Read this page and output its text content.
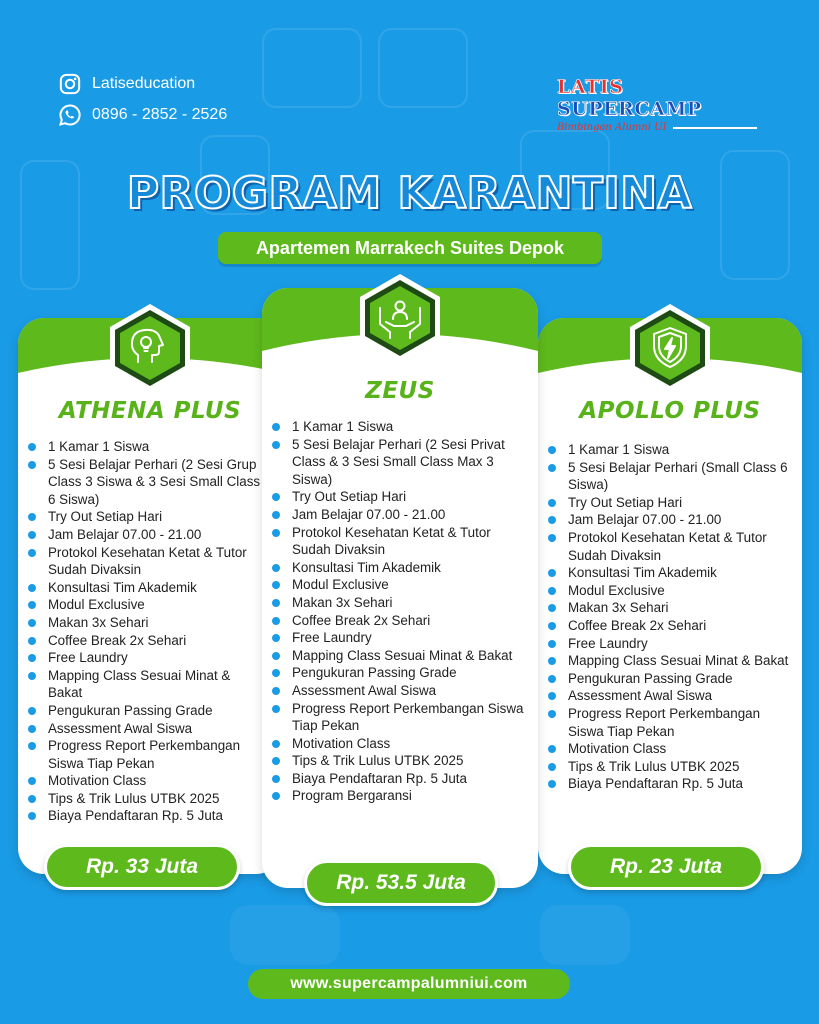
Latiseducation
0896 - 2852 - 2526
LATIS SUPERCAMP
Bimbingan Alumni UI
PROGRAM KARANTINA
Apartemen Marrakech Suites Depok
ATHENA PLUS
1 Kamar 1 Siswa
5 Sesi Belajar Perhari (2 Sesi Grup Class 3 Siswa & 3 Sesi Small Class 6 Siswa)
Try Out Setiap Hari
Jam Belajar 07.00 - 21.00
Protokol Kesehatan Ketat & Tutor Sudah Divaksin
Konsultasi Tim Akademik
Modul Exclusive
Makan 3x Sehari
Coffee Break 2x Sehari
Free Laundry
Mapping Class Sesuai Minat & Bakat
Pengukuran Passing Grade
Assessment Awal Siswa
Progress Report Perkembangan Siswa Tiap Pekan
Motivation Class
Tips & Trik Lulus UTBK 2025
Biaya Pendaftaran Rp. 5 Juta
Rp. 33 Juta
APOLLO PLUS
1 Kamar 1 Siswa
5 Sesi Belajar Perhari (Small Class 6 Siswa)
Try Out Setiap Hari
Jam Belajar 07.00 - 21.00
Protokol Kesehatan Ketat & Tutor Sudah Divaksin
Konsultasi Tim Akademik
Modul Exclusive
Makan 3x Sehari
Coffee Break 2x Sehari
Free Laundry
Mapping Class Sesuai Minat & Bakat
Pengukuran Passing Grade
Assessment Awal Siswa
Progress Report Perkembangan Siswa Tiap Pekan
Motivation Class
Tips & Trik Lulus UTBK 2025
Biaya Pendaftaran Rp. 5 Juta
Rp. 23 Juta
ZEUS
1 Kamar 1 Siswa
5 Sesi Belajar Perhari (2 Sesi Privat Class & 3 Sesi Small Class Max 3 Siswa)
Try Out Setiap Hari
Jam Belajar 07.00 - 21.00
Protokol Kesehatan Ketat & Tutor Sudah Divaksin
Konsultasi Tim Akademik
Modul Exclusive
Makan 3x Sehari
Coffee Break 2x Sehari
Free Laundry
Mapping Class Sesuai Minat & Bakat
Pengukuran Passing Grade
Assessment Awal Siswa
Progress Report Perkembangan Siswa Tiap Pekan
Motivation Class
Tips & Trik Lulus UTBK 2025
Biaya Pendaftaran Rp. 5 Juta
Program Bergaransi
Rp. 53.5 Juta
www.supercampalumniui.com
